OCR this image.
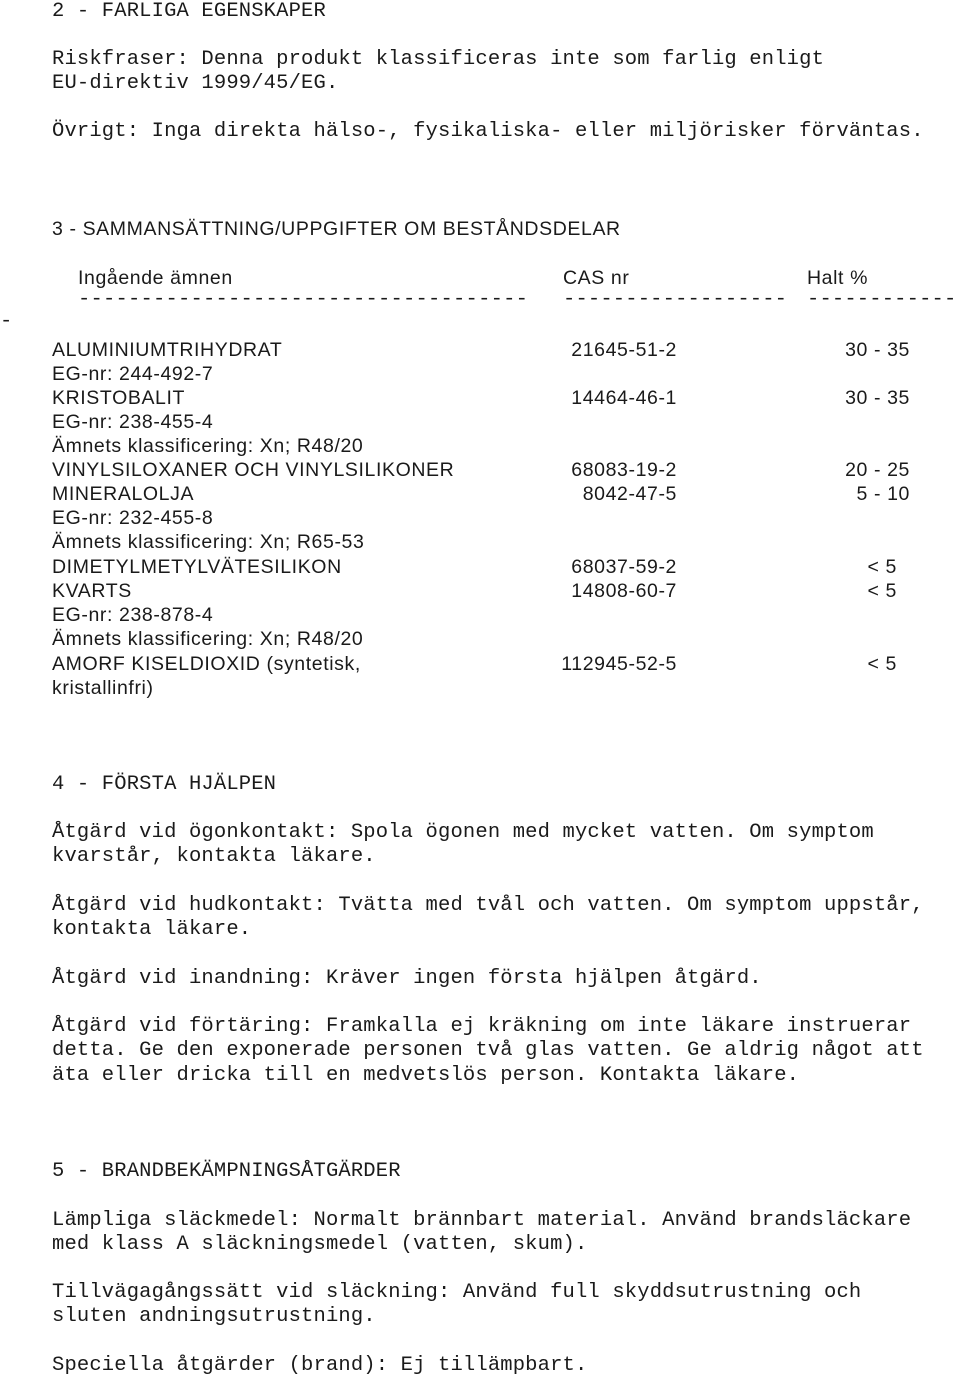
2 - FARLIGA EGENSKAPER
Riskfraser: Denna produkt klassificeras inte som farlig enligt
EU-direktiv 1999/45/EG.
Övrigt: Inga direkta hälso-, fysikaliska- eller miljörisker förväntas.
3 - SAMMANSÄTTNING/UPPGIFTER OM BESTÅNDSDELAR
Ingående ämnen	CAS nr	Halt %
------------------------------------ ------------------ ------------
-
ALUMINIUMTRIHYDRAT	21645-51-2	30 - 35
EG-nr: 244-492-7
KRISTOBALIT	14464-46-1	30 - 35
EG-nr: 238-455-4
Ämnets klassificering: Xn; R48/20
VINYLSILOXANER OCH VINYLSILIKONER	68083-19-2	20 - 25
MINERALOLJA	8042-47-5	5 - 10
EG-nr: 232-455-8
Ämnets klassificering: Xn; R65-53
DIMETYLMETYLVÄTESILIKON	68037-59-2	< 5
KVARTS	14808-60-7	< 5
EG-nr: 238-878-4
Ämnets klassificering: Xn; R48/20
AMORF KISELDIOXID (syntetisk,	112945-52-5	< 5
kristallinfri)
4 - FÖRSTA HJÄLPEN
Åtgärd vid ögonkontakt: Spola ögonen med mycket vatten. Om symptom
kvarstår, kontakta läkare.
Åtgärd vid hudkontakt: Tvätta med tvål och vatten. Om symptom uppstår,
kontakta läkare.
Åtgärd vid inandning: Kräver ingen första hjälpen åtgärd.
Åtgärd vid förtäring: Framkalla ej kräkning om inte läkare instruerar
detta. Ge den exponerade personen två glas vatten. Ge aldrig något att
äta eller dricka till en medvetslös person. Kontakta läkare.
5 - BRANDBEKÄMPNINGSÅTGÄRDER
Lämpliga släckmedel: Normalt brännbart material. Använd brandsläckare
med klass A släckningsmedel (vatten, skum).
Tillvägagångssätt vid släckning: Använd full skyddsutrustning och
sluten andningsutrustning.
Speciella åtgärder (brand): Ej tillämpbart.
